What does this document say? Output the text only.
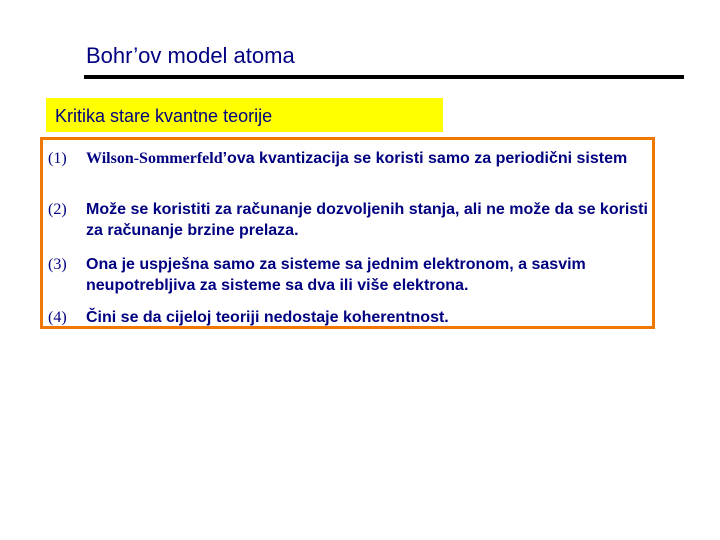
Bohr’ov model atoma
Kritika stare kvantne teorije
(1)	Wilson-Sommerfeld’ova kvantizacija se koristi samo za periodični sistem
(2)	Može se koristiti za računanje dozvoljenih stanja, ali ne može da se koristi za računanje brzine prelaza.
(3)	Ona je uspješna samo za sisteme sa jednim elektronom, a sasvim neupotrebljiva za sisteme sa dva ili više elektrona.
(4)	Čini se da cijeloj teoriji nedostaje koherentnost.
